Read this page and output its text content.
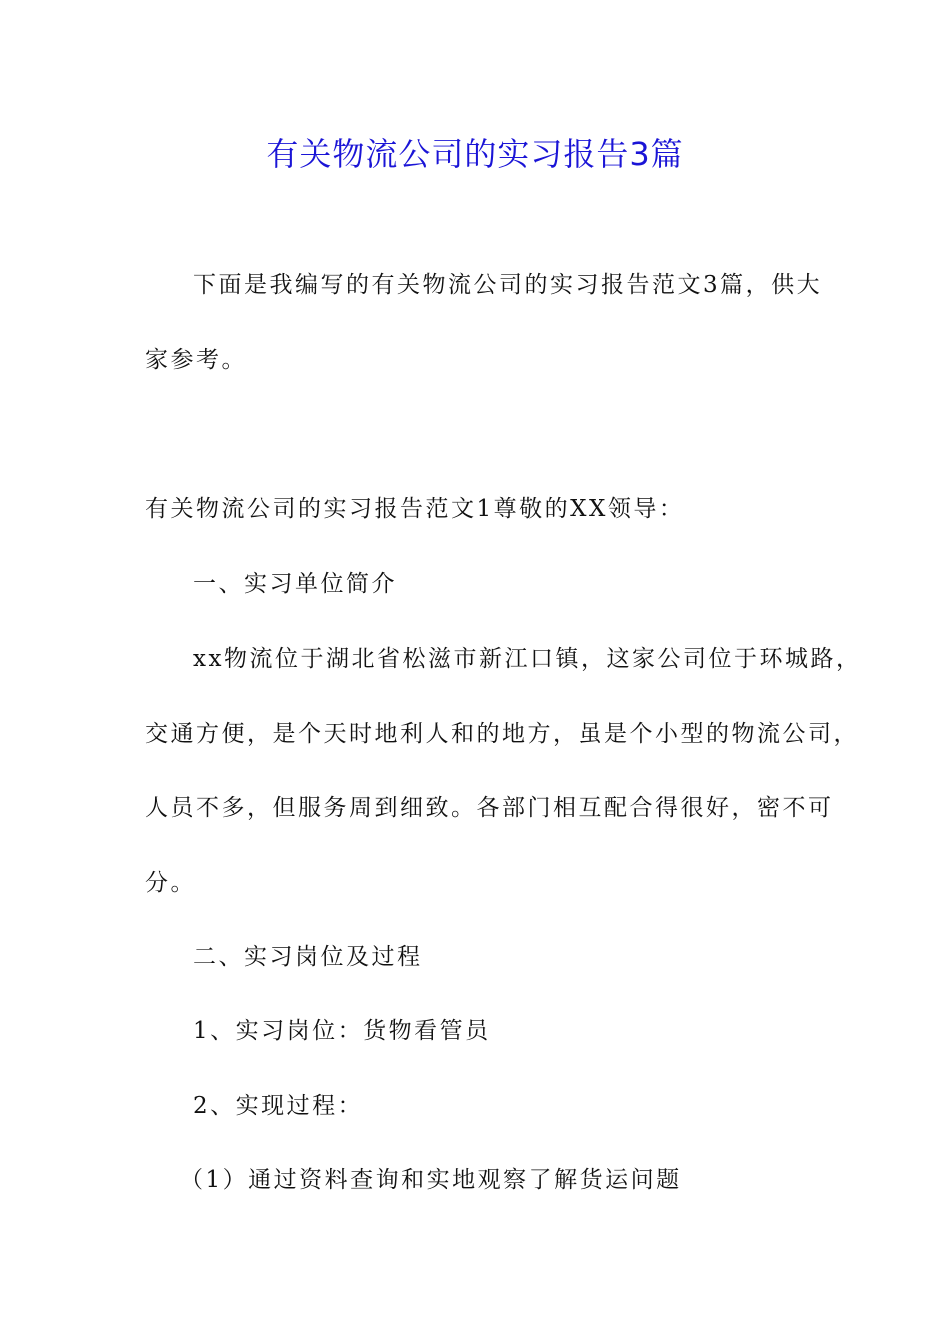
有关物流公司的实习报告3篇
下面是我编写的有关物流公司的实习报告范文3篇，供大
家参考。
有关物流公司的实习报告范文1尊敬的XX领导：
一、实习单位简介
xx物流位于湖北省松滋市新江口镇，这家公司位于环城路，
交通方便，是个天时地利人和的地方，虽是个小型的物流公司，
人员不多，但服务周到细致。各部门相互配合得很好，密不可
分。
二、实习岗位及过程
1、实习岗位：货物看管员
2、实现过程：
（1）通过资料查询和实地观察了解货运问题
